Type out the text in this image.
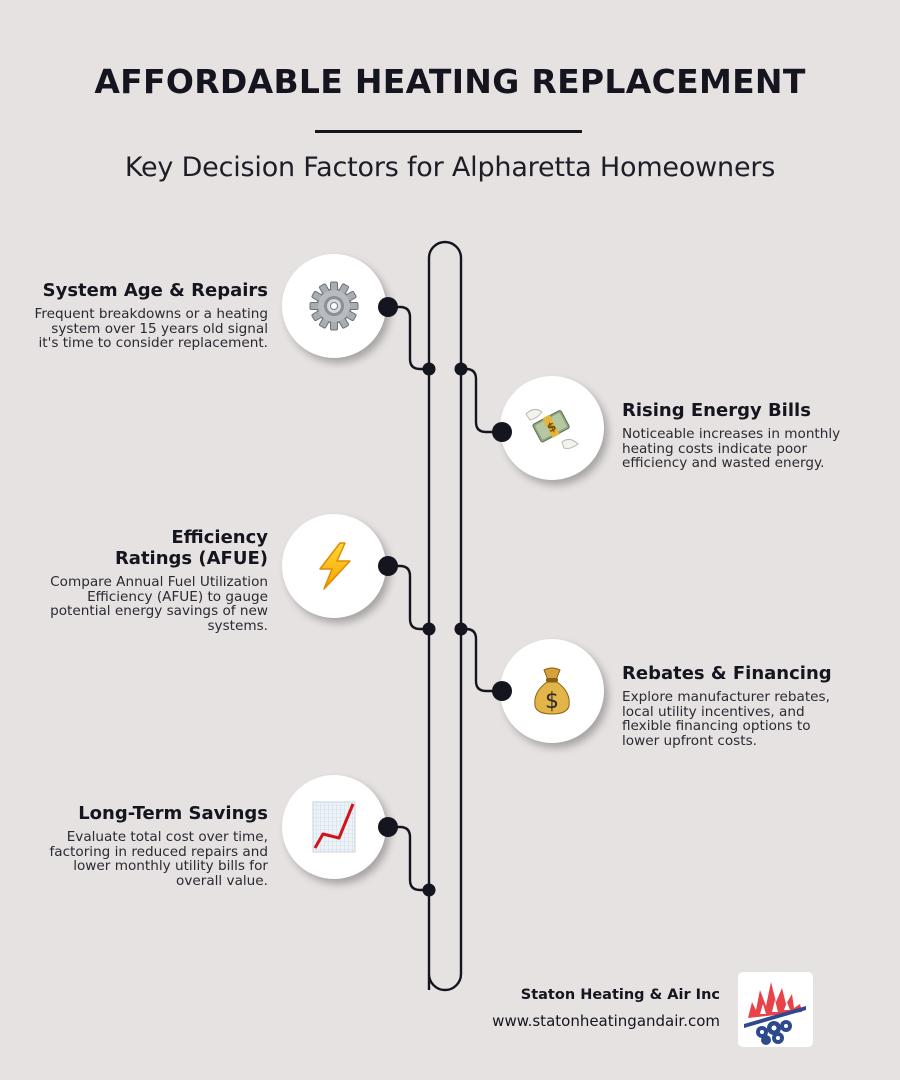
AFFORDABLE HEATING REPLACEMENT
Key Decision Factors for Alpharetta Homeowners
System Age & Repairs

Frequent breakdowns or a heating system over 15 years old signal it's time to consider replacement.

$
Rising Energy Bills

Noticeable increases in monthly heating costs indicate poor efficiency and wasted energy.

Efficiency Ratings (AFUE)

Compare Annual Fuel Utilization Efficiency (AFUE) to gauge potential energy savings of new systems.

$
Rebates & Financing

Explore manufacturer rebates, local utility incentives, and flexible financing options to lower upfront costs.

Long-Term Savings

Evaluate total cost over time, factoring in reduced repairs and lower monthly utility bills for overall value.

Staton Heating & Air Inc
www.statonheatingandair.com
